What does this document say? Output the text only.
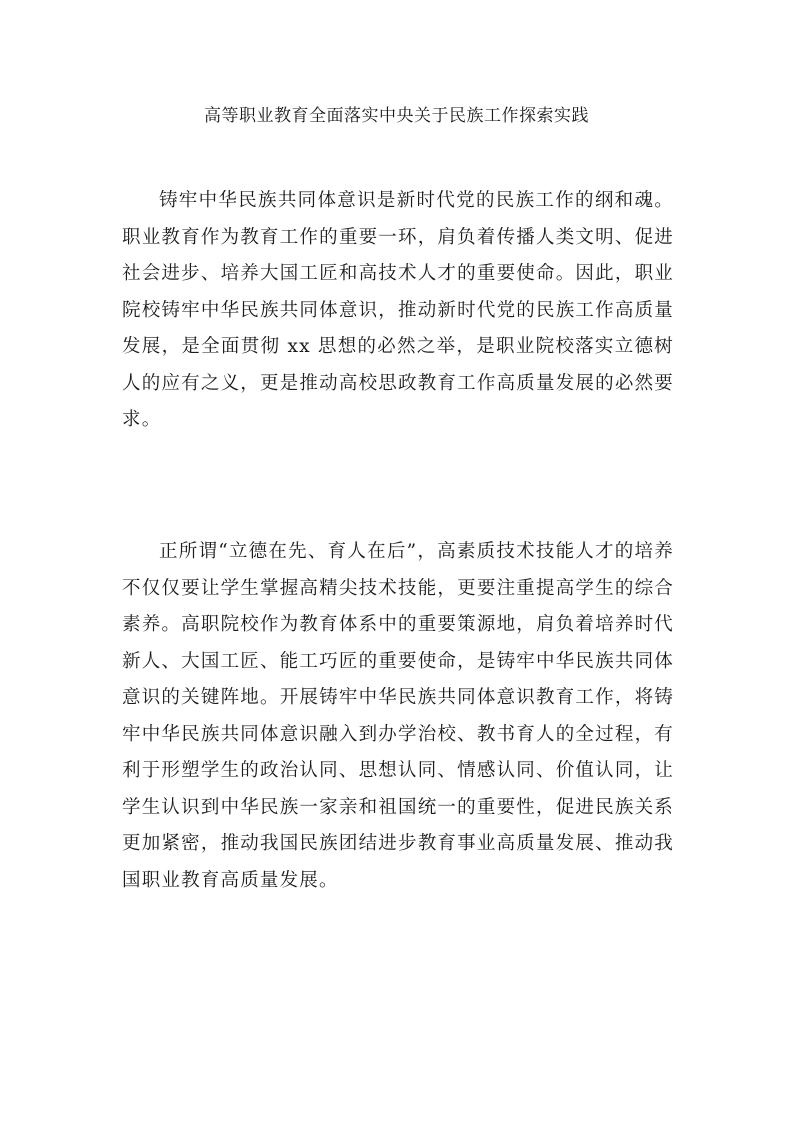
高等职业教育全面落实中央关于民族工作探索实践

铸牢中华民族共同体意识是新时代党的民族工作的纲和魂。职业教育作为教育工作的重要一环，肩负着传播人类文明、促进社会进步、培养大国工匠和高技术人才的重要使命。因此，职业院校铸牢中华民族共同体意识，推动新时代党的民族工作高质量发展，是全面贯彻 xx 思想的必然之举，是职业院校落实立德树人的应有之义，更是推动高校思政教育工作高质量发展的必然要求。

正所谓“立德在先、育人在后”，高素质技术技能人才的培养不仅仅要让学生掌握高精尖技术技能，更要注重提高学生的综合素养。高职院校作为教育体系中的重要策源地，肩负着培养时代新人、大国工匠、能工巧匠的重要使命，是铸牢中华民族共同体意识的关键阵地。开展铸牢中华民族共同体意识教育工作，将铸牢中华民族共同体意识融入到办学治校、教书育人的全过程，有利于形塑学生的政治认同、思想认同、情感认同、价值认同，让学生认识到中华民族一家亲和祖国统一的重要性，促进民族关系更加紧密，推动我国民族团结进步教育事业高质量发展、推动我国职业教育高质量发展。
